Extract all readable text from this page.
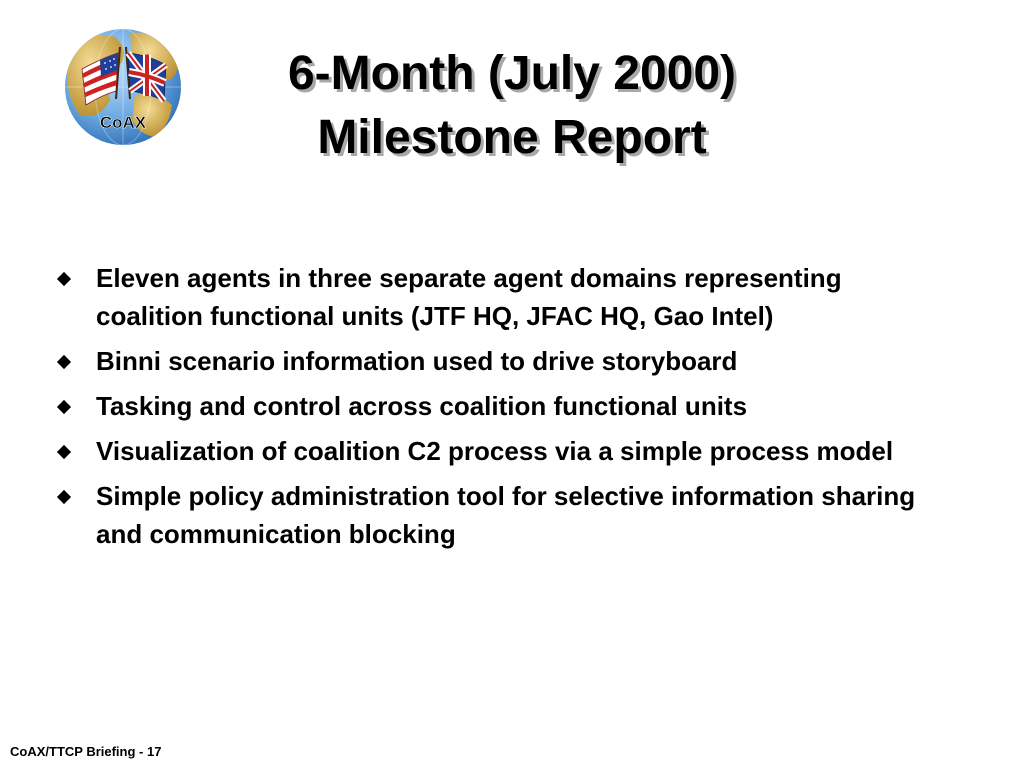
CoAX
6-Month (July 2000)
Milestone Report
Eleven agents in three separate agent domains representing coalition functional units (JTF HQ, JFAC HQ, Gao Intel)
Binni scenario information used to drive storyboard
Tasking and control across coalition functional units
Visualization of coalition C2 process via a simple process model
Simple policy administration tool for selective information sharing and communication blocking
CoAX/TTCP Briefing - 17
